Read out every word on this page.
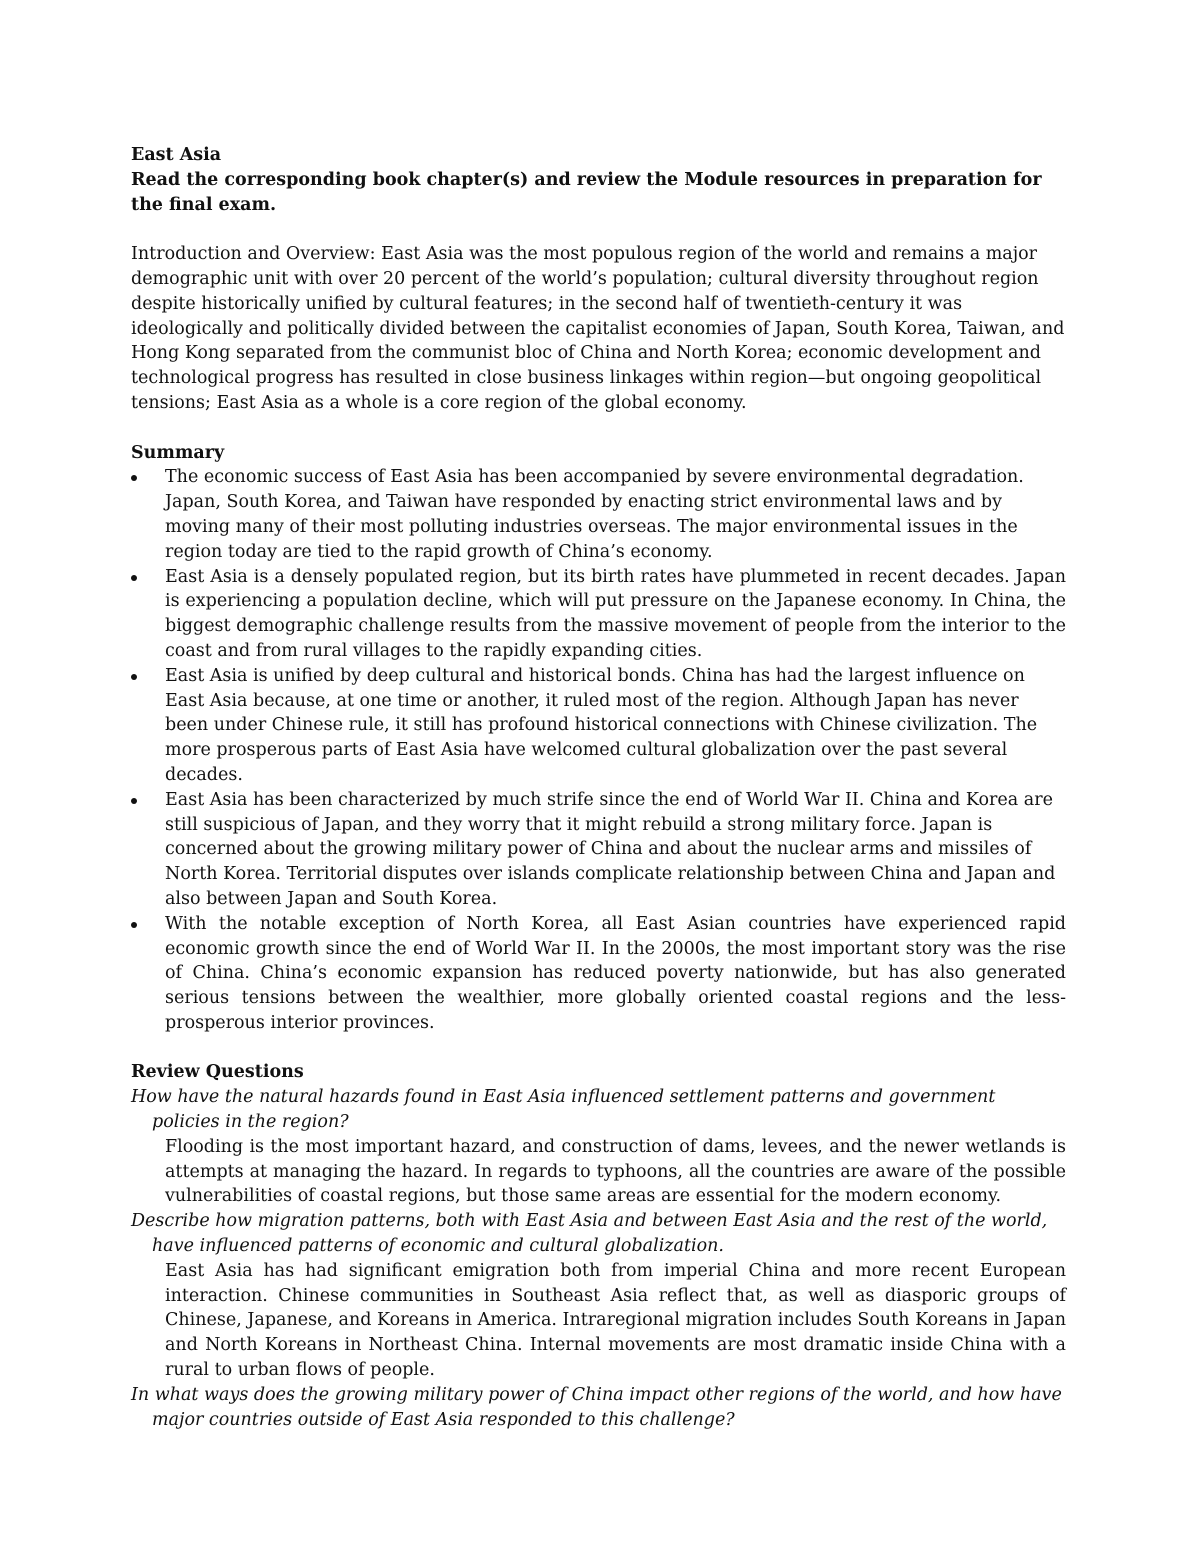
East Asia

Read the corresponding book chapter(s) and review the Module resources in preparation for the final exam.

Introduction and Overview: East Asia was the most populous region of the world and remains a major demographic unit with over 20 percent of the world’s population; cultural diversity throughout region despite historically unified by cultural features; in the second half of twentieth-century it was ideologically and politically divided between the capitalist economies of Japan, South Korea, Taiwan, and Hong Kong separated from the communist bloc of China and North Korea; economic development and technological progress has resulted in close business linkages within region—but ongoing geopolitical tensions; East Asia as a whole is a core region of the global economy.

Summary

The economic success of East Asia has been accompanied by severe environmental degradation. Japan, South Korea, and Taiwan have responded by enacting strict environmental laws and by moving many of their most polluting industries overseas. The major environmental issues in the region today are tied to the rapid growth of China’s economy.
East Asia is a densely populated region, but its birth rates have plummeted in recent decades. Japan is experiencing a population decline, which will put pressure on the Japanese economy. In China, the biggest demographic challenge results from the massive movement of people from the interior to the coast and from rural villages to the rapidly expanding cities.
East Asia is unified by deep cultural and historical bonds. China has had the largest influence on East Asia because, at one time or another, it ruled most of the region. Although Japan has never been under Chinese rule, it still has profound historical connections with Chinese civilization. The more prosperous parts of East Asia have welcomed cultural globalization over the past several decades.
East Asia has been characterized by much strife since the end of World War II. China and Korea are still suspicious of Japan, and they worry that it might rebuild a strong military force. Japan is concerned about the growing military power of China and about the nuclear arms and missiles of North Korea. Territorial disputes over islands complicate relationship between China and Japan and also between Japan and South Korea.
With the notable exception of North Korea, all East Asian countries have experienced rapid economic growth since the end of World War II. In the 2000s, the most important story was the rise of China. China’s economic expansion has reduced poverty nationwide, but has also generated serious tensions between the wealthier, more globally oriented coastal regions and the less-prosperous interior provinces.

Review Questions

How have the natural hazards found in East Asia influenced settlement patterns and government policies in the region?

Flooding is the most important hazard, and construction of dams, levees, and the newer wetlands is attempts at managing the hazard. In regards to typhoons, all the countries are aware of the possible vulnerabilities of coastal regions, but those same areas are essential for the modern economy.

Describe how migration patterns, both with East Asia and between East Asia and the rest of the world, have influenced patterns of economic and cultural globalization.

East Asia has had significant emigration both from imperial China and more recent European interaction. Chinese communities in Southeast Asia reflect that, as well as diasporic groups of Chinese, Japanese, and Koreans in America. Intraregional migration includes South Koreans in Japan and North Koreans in Northeast China. Internal movements are most dramatic inside China with a rural to urban flows of people.

In what ways does the growing military power of China impact other regions of the world, and how have major countries outside of East Asia responded to this challenge?
